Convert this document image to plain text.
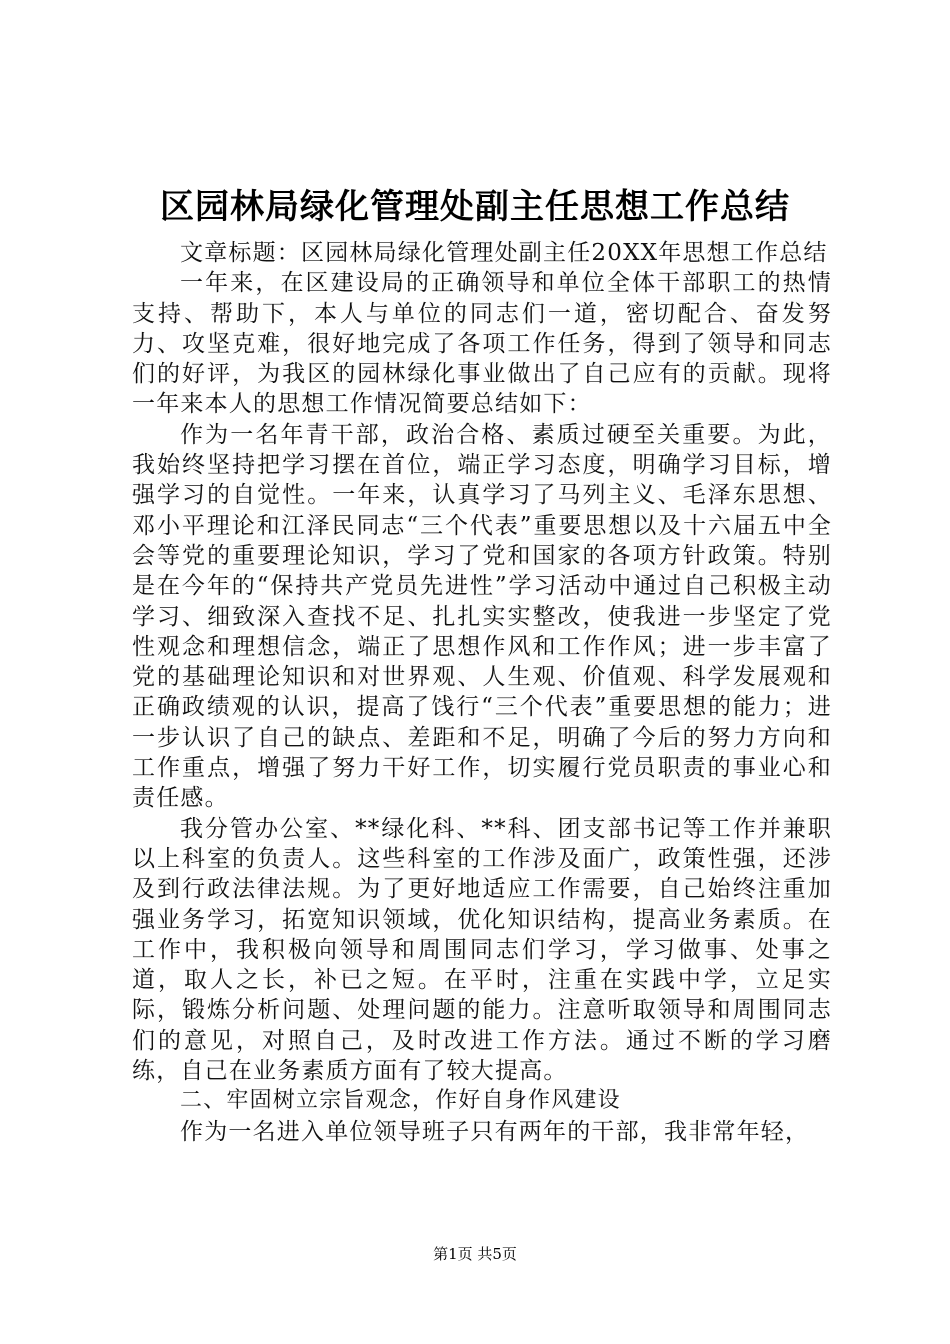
区园林局绿化管理处副主任思想工作总结

文章标题：区园林局绿化管理处副主任20XX年思想工作总结

一年来，在区建设局的正确领导和单位全体干部职工的热情支持、帮助下，本人与单位的同志们一道，密切配合、奋发努力、攻坚克难，很好地完成了各项工作任务，得到了领导和同志们的好评，为我区的园林绿化事业做出了自己应有的贡献。现将一年来本人的思想工作情况简要总结如下：

作为一名年青干部，政治合格、素质过硬至关重要。为此，我始终坚持把学习摆在首位，端正学习态度，明确学习目标，增强学习的自觉性。一年来，认真学习了马列主义、毛泽东思想、邓小平理论和江泽民同志“三个代表”重要思想以及十六届五中全会等党的重要理论知识，学习了党和国家的各项方针政策。特别是在今年的“保持共产党员先进性”学习活动中通过自己积极主动学习、细致深入查找不足、扎扎实实整改，使我进一步坚定了党性观念和理想信念，端正了思想作风和工作作风；进一步丰富了党的基础理论知识和对世界观、人生观、价值观、科学发展观和正确政绩观的认识，提高了饯行“三个代表”重要思想的能力；进一步认识了自己的缺点、差距和不足，明确了今后的努力方向和工作重点，增强了努力干好工作，切实履行党员职责的事业心和责任感。

我分管办公室、**绿化科、**科、团支部书记等工作并兼职以上科室的负责人。这些科室的工作涉及面广，政策性强，还涉及到行政法律法规。为了更好地适应工作需要，自己始终注重加强业务学习，拓宽知识领域，优化知识结构，提高业务素质。在工作中，我积极向领导和周围同志们学习，学习做事、处事之道，取人之长，补已之短。在平时，注重在实践中学，立足实际，锻炼分析问题、处理问题的能力。注意听取领导和周围同志们的意见，对照自己，及时改进工作方法。通过不断的学习磨练，自己在业务素质方面有了较大提高。

二、牢固树立宗旨观念，作好自身作风建设

作为一名进入单位领导班子只有两年的干部，我非常年轻，

第1页 共5页
